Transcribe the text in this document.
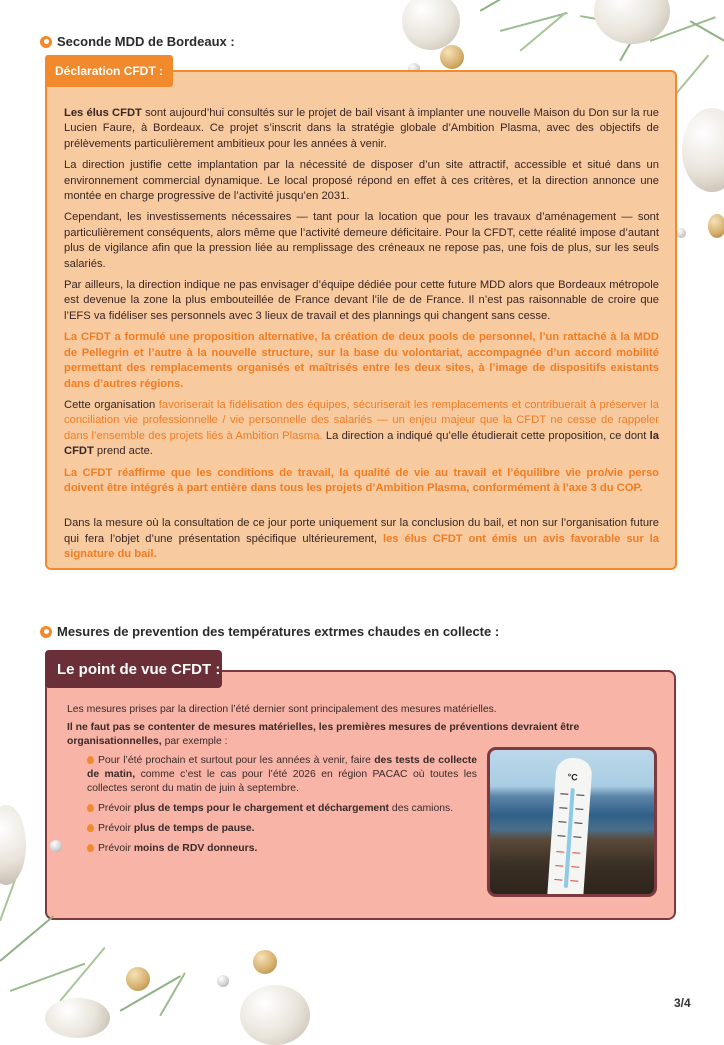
Seconde MDD de Bordeaux :

Les élus CFDT sont aujourd’hui consultés sur le projet de bail visant à implanter une nouvelle Maison du Don sur la rue Lucien Faure, à Bordeaux. Ce projet s’inscrit dans la stratégie globale d’Ambition Plasma, avec des objectifs de prélèvements particulièrement ambitieux pour les années à venir.

La direction justifie cette implantation par la nécessité de disposer d’un site attractif, accessible et situé dans un environnement commercial dynamique. Le local proposé répond en effet à ces critères, et la direction annonce une montée en charge progressive de l’activité jusqu’en 2031.

Cependant, les investissements nécessaires — tant pour la location que pour les travaux d’aménagement — sont particulièrement conséquents, alors même que l’activité demeure déficitaire. Pour la CFDT, cette réalité impose d’autant plus de vigilance afin que la pression liée au remplissage des créneaux ne repose pas, une fois de plus, sur les seuls salariés.

Par ailleurs, la direction indique ne pas envisager d’équipe dédiée pour cette future MDD alors que Bordeaux métropole est devenue la zone la plus embouteillée de France devant l’ile de de France. Il n’est pas raisonnable de croire que l’EFS va fidéliser ses personnels avec 3 lieux de travail et des plannings qui changent sans cesse.

La CFDT a formulé une proposition alternative, la création de deux pools de personnel, l’un rattaché à la MDD de Pellegrin et l’autre à la nouvelle structure, sur la base du volontariat, accompagnée d’un accord mobilité permettant des remplacements organisés et maîtrisés entre les deux sites, à l’image de dispositifs existants dans d’autres régions.

Cette organisation favoriserait la fidélisation des équipes, sécuriserait les remplacements et contribuerait à préserver la conciliation vie professionnelle / vie personnelle des salariés — un enjeu majeur que la CFDT ne cesse de rappeler dans l’ensemble des projets liés à Ambition Plasma. La direction a indiqué qu’elle étudierait cette proposition, ce dont la CFDT prend acte.

La CFDT réaffirme que les conditions de travail, la qualité de vie au travail et l’équilibre vie pro/vie perso doivent être intégrés à part entière dans tous les projets d’Ambition Plasma, conformément à l’axe 3 du COP.

Dans la mesure où la consultation de ce jour porte uniquement sur la conclusion du bail, et non sur l’organisation future qui fera l’objet d’une présentation spécifique ultérieurement, les élus CFDT ont émis un avis favorable sur la signature du bail.

Déclaration CFDT :
Mesures de prevention des températures extrmes chaudes en collecte :

Les mesures prises par la direction l’été dernier sont principalement des mesures matérielles.

Il ne faut pas se contenter de mesures matérielles, les premières mesures de préventions devraient être organisationnelles, par exemple :

Pour l’été prochain et surtout pour les années à venir, faire des tests de collecte de matin, comme c’est le cas pour l’été 2026 en région PACAC où toutes les collectes seront du matin de juin à septembre.
Prévoir plus de temps pour le chargement et déchargement des camions.
Prévoir plus de temps de pause.
Prévoir moins de RDV donneurs.
Le point de vue CFDT :
°C
3/4
